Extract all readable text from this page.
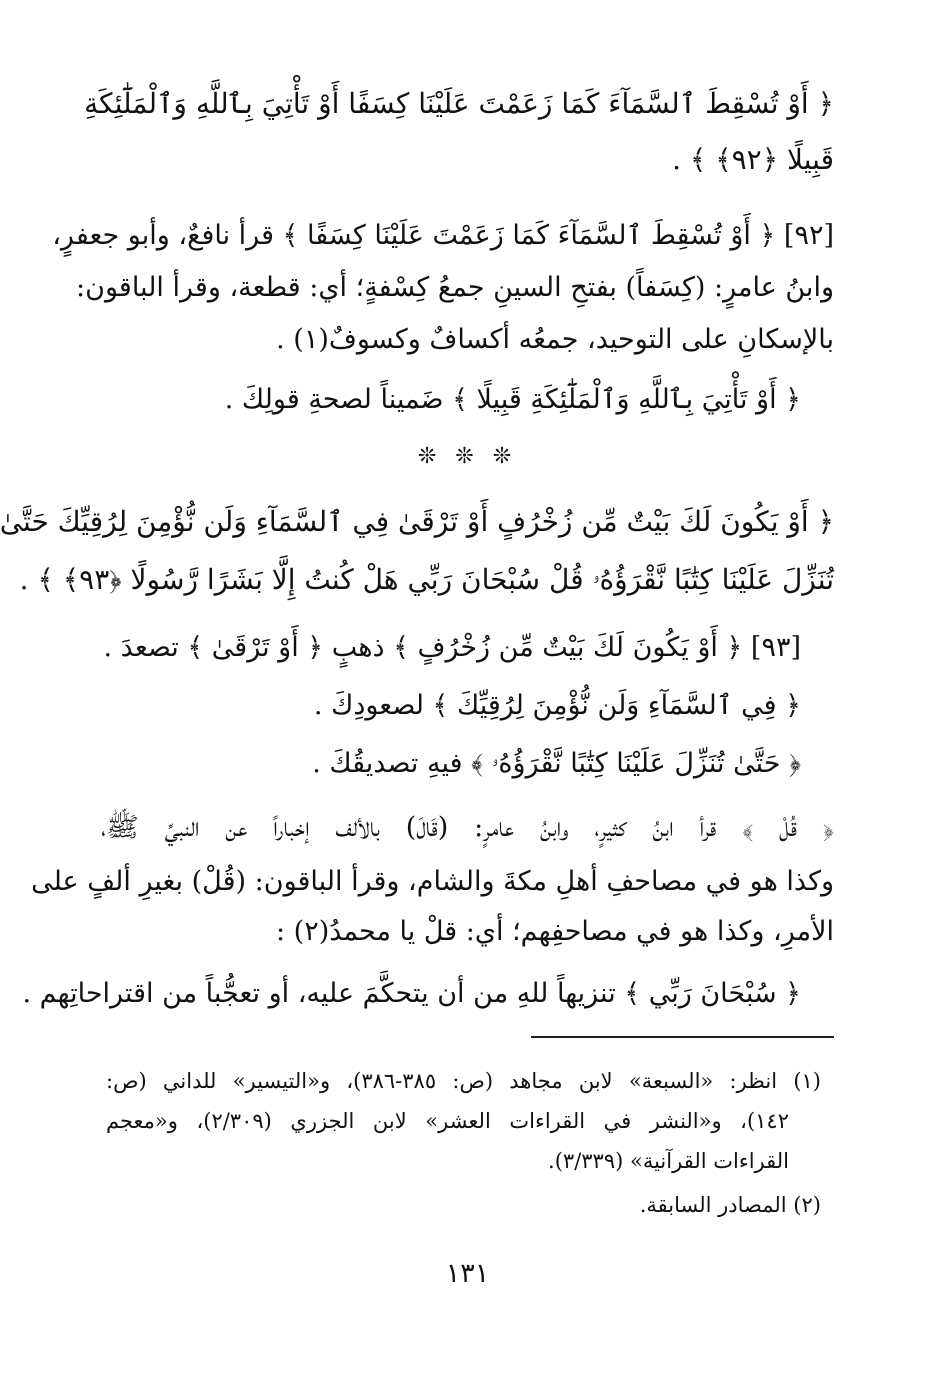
﴿ أَوْ تُسْقِطَ ٱلسَّمَآءَ كَمَا زَعَمْتَ عَلَيْنَا كِسَفًا أَوْ تَأْتِيَ بِٱللَّهِ وَٱلْمَلَٰٓئِكَةِ
قَبِيلًا ﴿٩٢﴾ ﴾ .
[٩٢] ﴿ أَوْ تُسْقِطَ ٱلسَّمَآءَ كَمَا زَعَمْتَ عَلَيْنَا كِسَفًا ﴾ قرأ نافعٌ، وأبو جعفرٍ،
وابنُ عامرٍ: (كِسَفاً) بفتحِ السينِ جمعُ كِسْفةٍ؛ أي: قطعة، وقرأ الباقون:
بالإسكانِ على التوحيد، جمعُه أكسافٌ وكسوفٌ(١) .
﴿ أَوْ تَأْتِيَ بِٱللَّهِ وَٱلْمَلَٰٓئِكَةِ قَبِيلًا ﴾ ضَميناً لصحةِ قولِكَ .
❊ ❊ ❊
﴿ أَوْ يَكُونَ لَكَ بَيْتٌ مِّن زُخْرُفٍ أَوْ تَرْقَىٰ فِي ٱلسَّمَآءِ وَلَن نُّؤْمِنَ لِرُقِيِّكَ حَتَّىٰ
تُنَزِّلَ عَلَيْنَا كِتَٰبًا نَّقْرَؤُهُۥ قُلْ سُبْحَانَ رَبِّي هَلْ كُنتُ إِلَّا بَشَرًا رَّسُولًا ﴿٩٣﴾ ﴾ .
[٩٣] ﴿ أَوْ يَكُونَ لَكَ بَيْتٌ مِّن زُخْرُفٍ ﴾ ذهبٍ ﴿ أَوْ تَرْقَىٰ ﴾ تصعدَ .
﴿ فِي ٱلسَّمَآءِ وَلَن نُّؤْمِنَ لِرُقِيِّكَ ﴾ لصعودِكَ .
﴿ حَتَّىٰ تُنَزِّلَ عَلَيْنَا كِتَٰبًا نَّقْرَؤُهُۥ ﴾ فيهِ تصديقُكَ .
﴿ قُلْ ﴾ قرأ ابنُ كثيرٍ، وابنُ عامرٍ: (قَالَ) بالألف إخباراً عن النبيِّ ﷺ،
وكذا هو في مصاحفِ أهلِ مكةَ والشام، وقرأ الباقون: (قُلْ) بغيرِ ألفٍ على
الأمرِ، وكذا هو في مصاحفِهم؛ أي: قلْ يا محمدُ(٢) :
﴿ سُبْحَانَ رَبِّي ﴾ تنزيهاً للهِ من أن يتحكَّمَ عليه، أو تعجُّباً من اقتراحاتِهم .
(١) انظر: «السبعة» لابن مجاهد (ص: ٣٨٥-٣٨٦)، و«التيسير» للداني (ص:
١٤٢)، و«النشر في القراءات العشر» لابن الجزري (٢/٣٠٩)، و«معجم
القراءات القرآنية» (٣/٣٣٩).
(٢) المصادر السابقة.
١٣١
